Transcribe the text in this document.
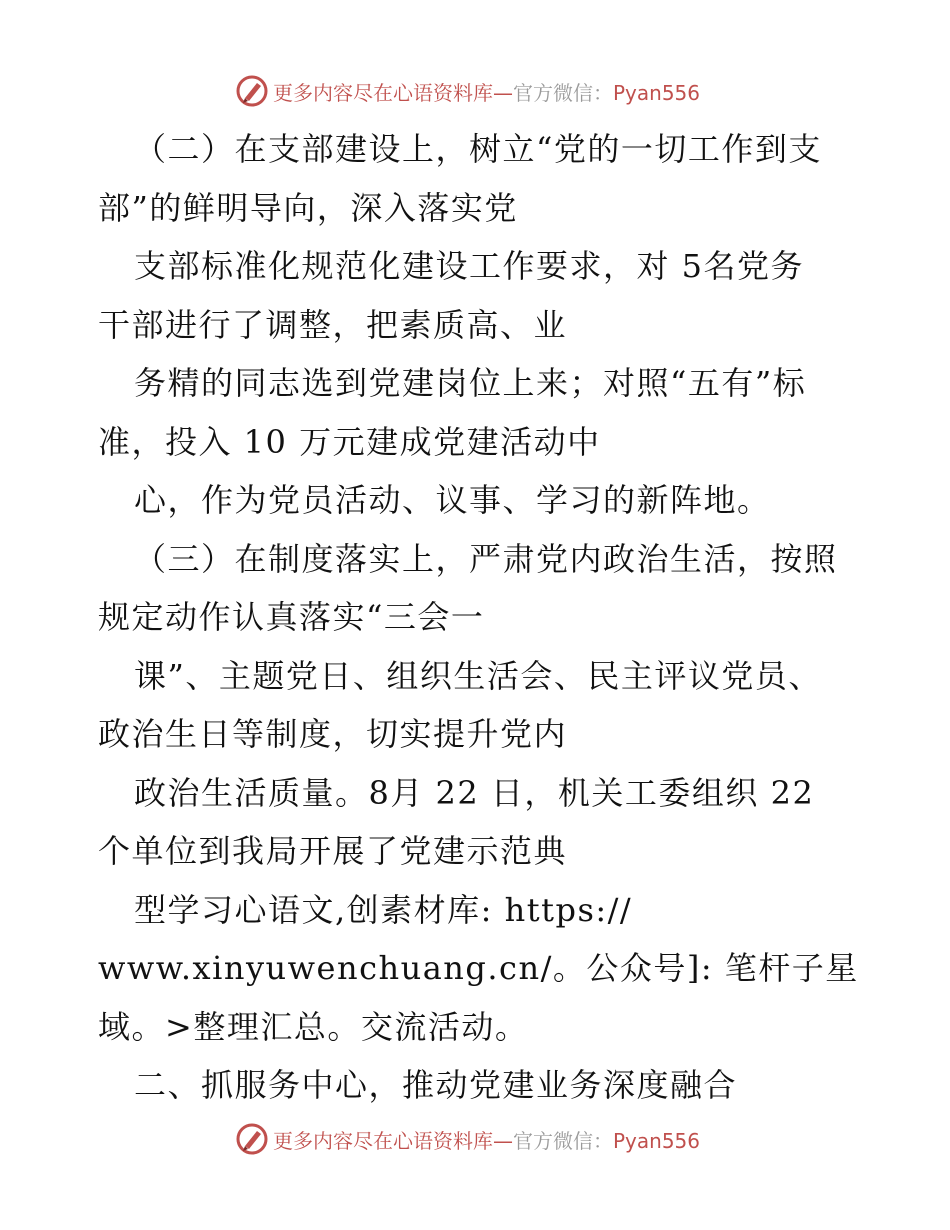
更多内容尽在心语资料库—官方微信：Pyan556
（二）在支部建设上，树立“党的一切工作到支
部”的鲜明导向，深入落实党
支部标准化规范化建设工作要求，对 5名党务
干部进行了调整，把素质高、业
务精的同志选到党建岗位上来；对照“五有”标
准，投入 10 万元建成党建活动中
心，作为党员活动、议事、学习的新阵地。
（三）在制度落实上，严肃党内政治生活，按照
规定动作认真落实“三会一
课”、主题党日、组织生活会、民主评议党员、
政治生日等制度，切实提升党内
政治生活质量。8月 22 日，机关工委组织 22
个单位到我局开展了党建示范典
型学习心语文,创素材库: https://
www.xinyuwenchuang.cn/。公众号]: 笔杆子星
域。>整理汇总。交流活动。
二、抓服务中心，推动党建业务深度融合
更多内容尽在心语资料库—官方微信：Pyan556
